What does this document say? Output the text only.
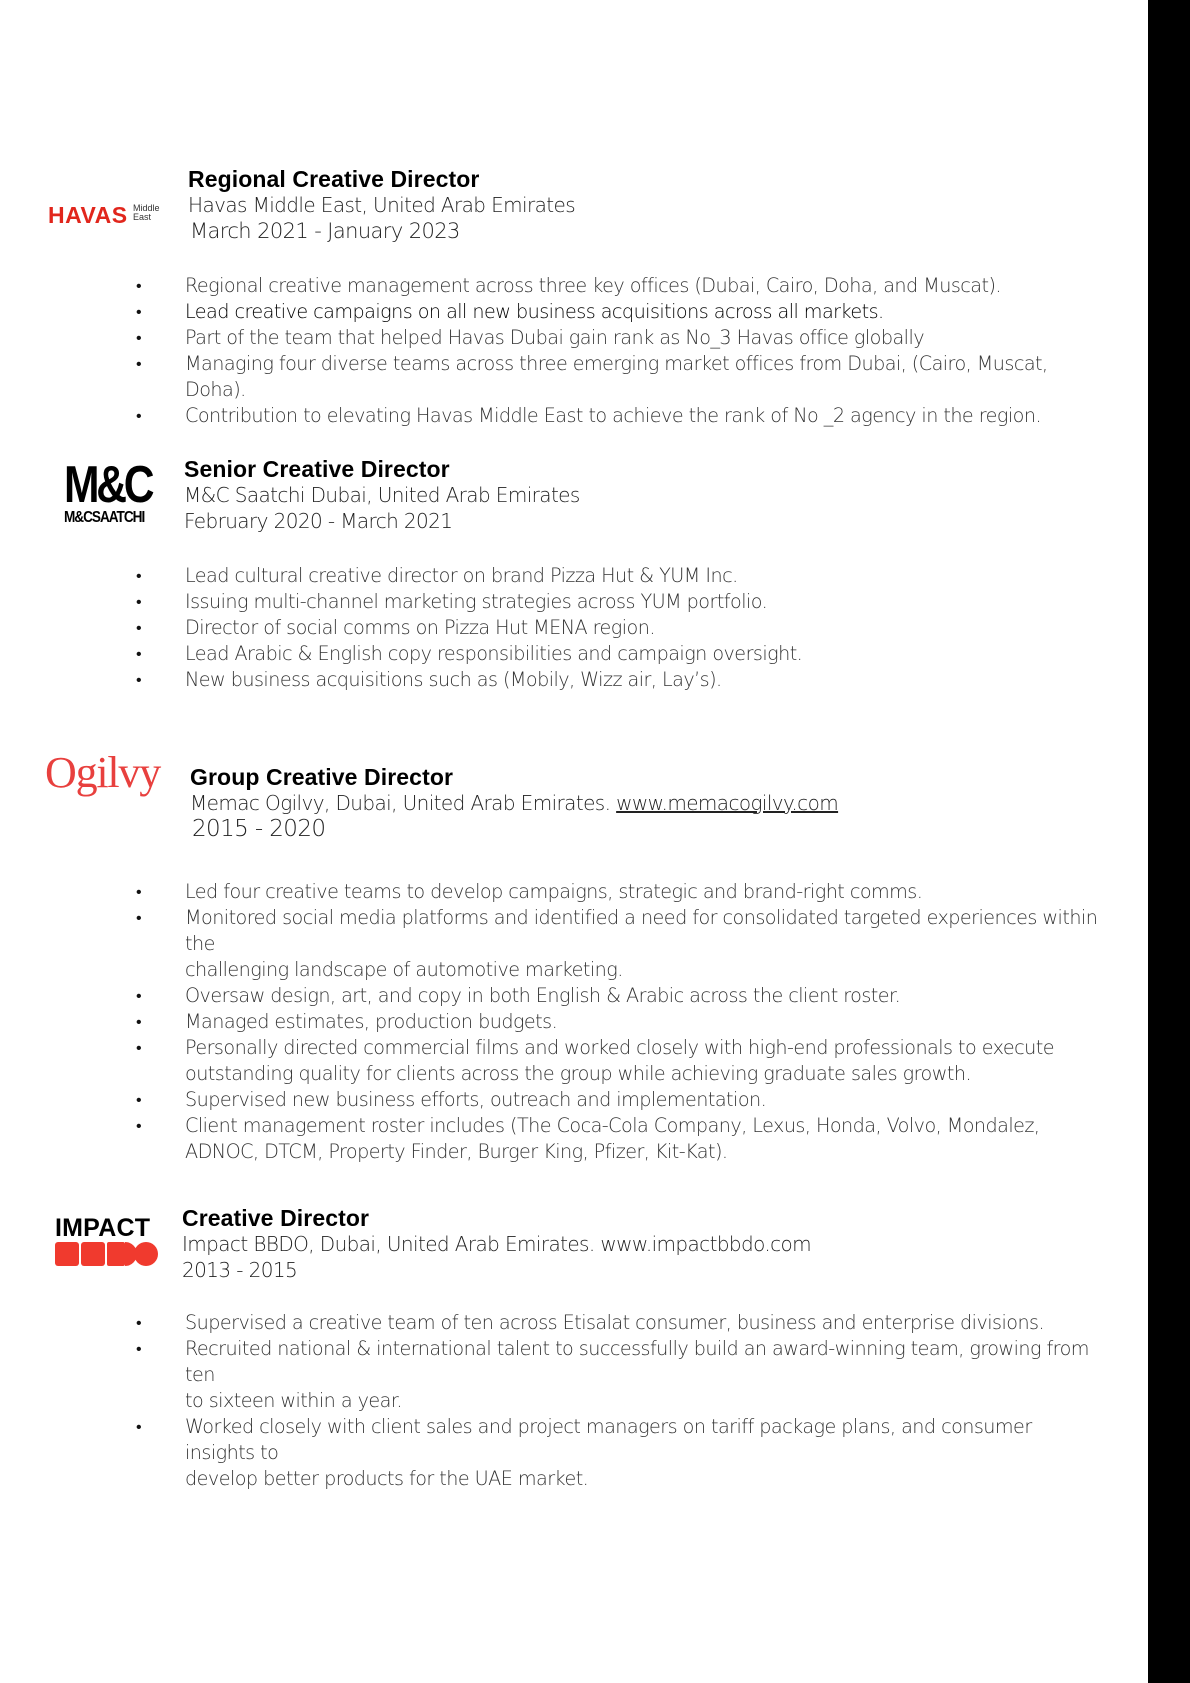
HAVAS Middle
East
Regional Creative Director
Havas Middle East, United Arab Emirates
March 2021 - January 2023
• Regional creative management across three key offices (Dubai, Cairo, Doha, and Muscat).
• Lead creative campaigns on all new business acquisitions across all markets.
• Part of the team that helped Havas Dubai gain rank as No_3 Havas office globally
• Managing four diverse teams across three emerging market offices from Dubai, (Cairo, Muscat, Doha).
• Contribution to elevating Havas Middle East to achieve the rank of No _2 agency in the region.
M&C
M&CSAATCHI
Senior Creative Director
M&C Saatchi Dubai, United Arab Emirates
February 2020 - March 2021
• Lead cultural creative director on brand Pizza Hut & YUM Inc.
• Issuing multi-channel marketing strategies across YUM portfolio.
• Director of social comms on Pizza Hut MENA region.
• Lead Arabic & English copy responsibilities and campaign oversight.
• New business acquisitions such as (Mobily, Wizz air, Lay’s).
Ogilvy	Group Creative Director
Memac Ogilvy, Dubai, United Arab Emirates. www.memacogilvy.com
2015 - 2020
• Led four creative teams to develop campaigns, strategic and brand-right comms.
• Monitored social media platforms and identified a need for consolidated targeted experiences within the
challenging landscape of automotive marketing.
• Oversaw design, art, and copy in both English & Arabic across the client roster.
• Managed estimates, production budgets.
• Personally directed commercial films and worked closely with high-end professionals to execute
outstanding quality for clients across the group while achieving graduate sales growth.
• Supervised new business efforts, outreach and implementation.
• Client management roster includes (The Coca-Cola Company, Lexus, Honda, Volvo, Mondalez,
ADNOC, DTCM, Property Finder, Burger King, Pfizer, Kit-Kat).
IMPACT
BBDO
Creative Director
Impact BBDO, Dubai, United Arab Emirates. www.impactbbdo.com
2013 - 2015
• Supervised a creative team of ten across Etisalat consumer, business and enterprise divisions.
• Recruited national & international talent to successfully build an award-winning team, growing from ten
to sixteen within a year.
• Worked closely with client sales and project managers on tariff package plans, and consumer insights to
develop better products for the UAE market.
